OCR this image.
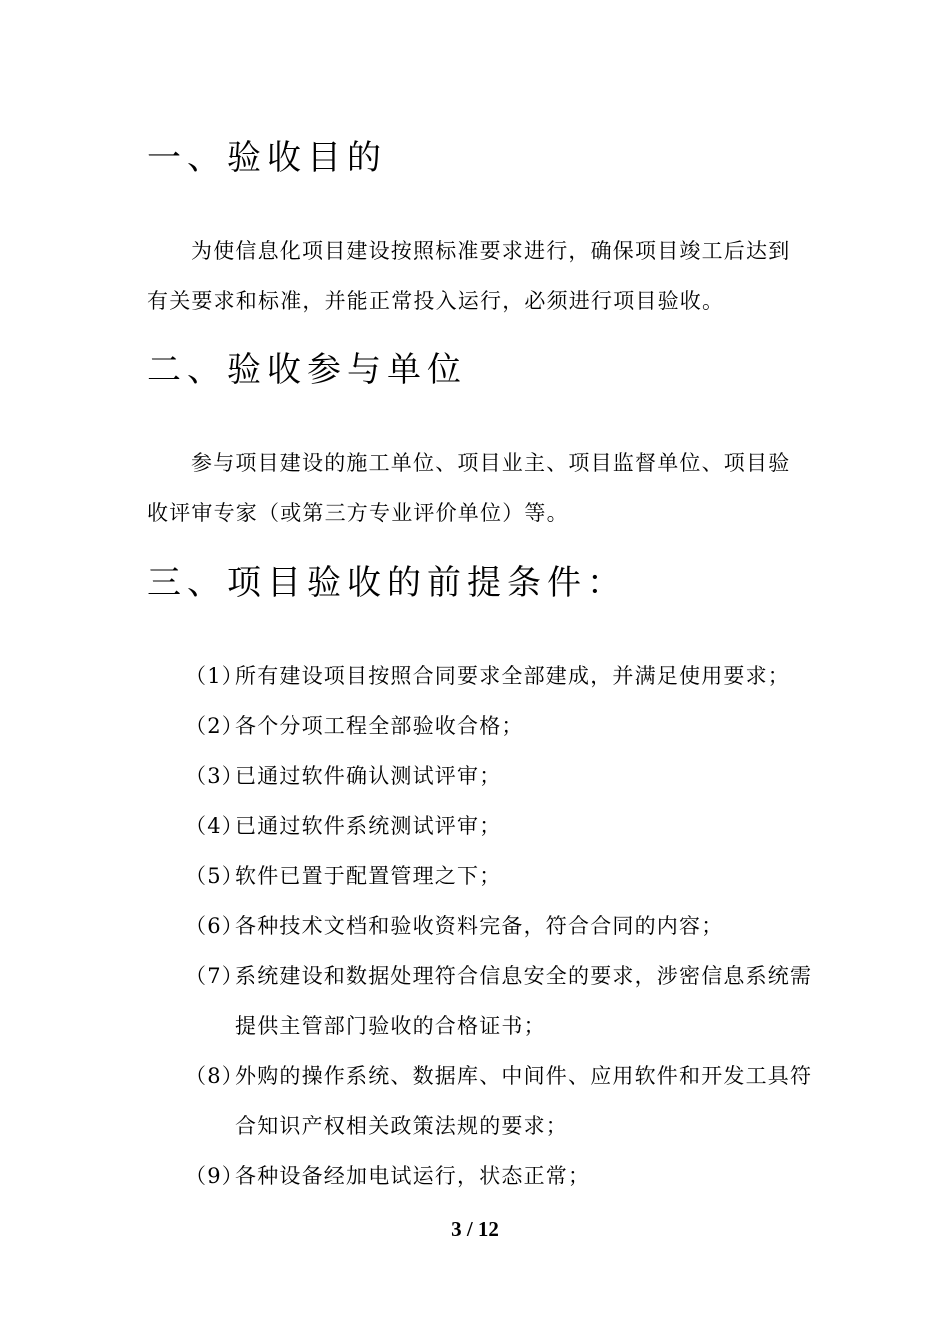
一、验收目的
为使信息化项目建设按照标准要求进行，确保项目竣工后达到有关要求和标准，并能正常投入运行，必须进行项目验收。
二、验收参与单位
参与项目建设的施工单位、项目业主、项目监督单位、项目验收评审专家（或第三方专业评价单位）等。
三、项目验收的前提条件：
（1）
所有建设项目按照合同要求全部建成，并满足使用要求；
（2）
各个分项工程全部验收合格；
（3）
已通过软件确认测试评审；
（4）
已通过软件系统测试评审；
（5）
软件已置于配置管理之下；
（6）
各种技术文档和验收资料完备，符合合同的内容；
（7）
系统建设和数据处理符合信息安全的要求，涉密信息系统需提供主管部门验收的合格证书；
（8）
外购的操作系统、数据库、中间件、应用软件和开发工具符合知识产权相关政策法规的要求；
（9）
各种设备经加电试运行，状态正常；
3 / 12
